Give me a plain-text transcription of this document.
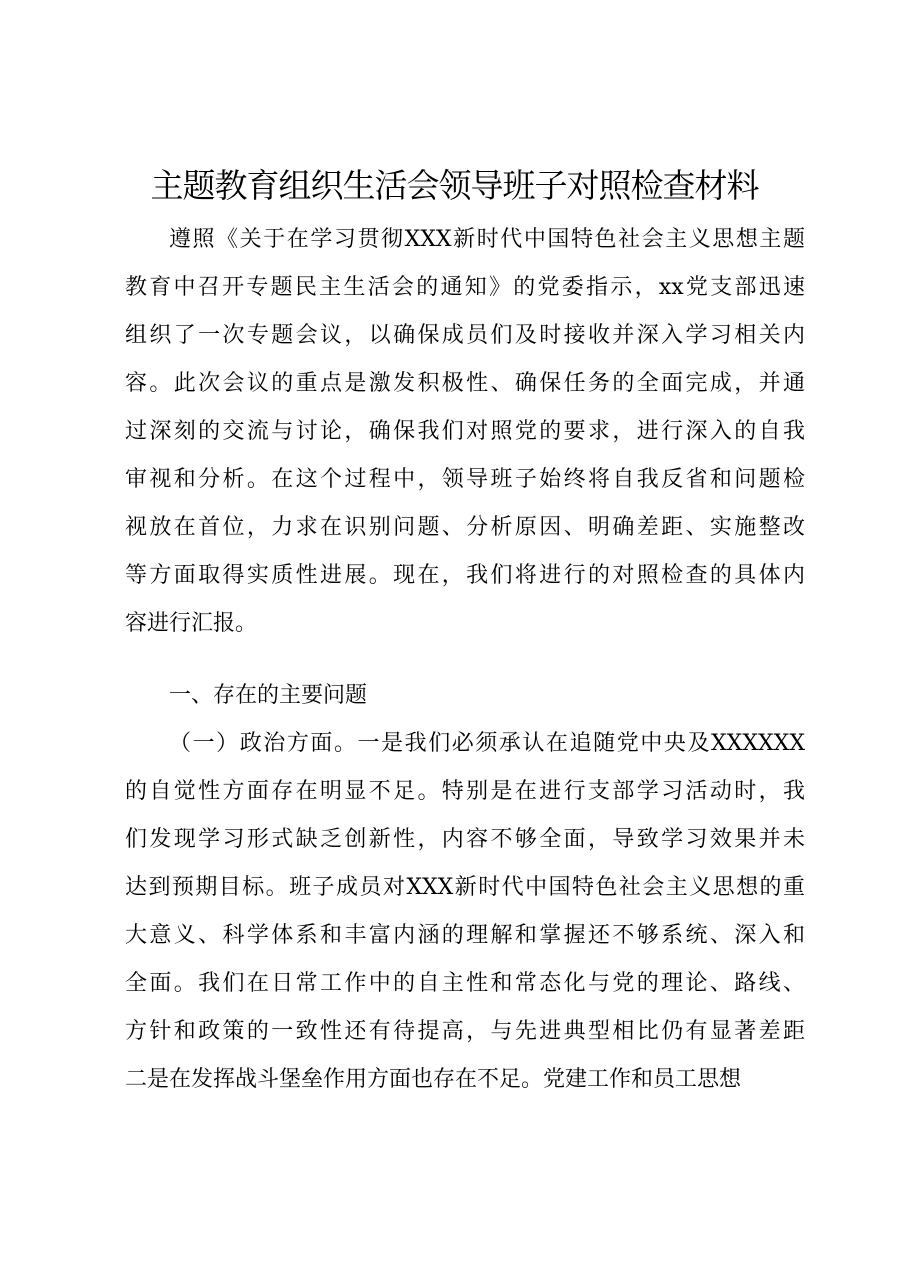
主题教育组织生活会领导班子对照检查材料
遵照《关于在学习贯彻XXX新时代中国特色社会主义思想主题
教育中召开专题民主生活会的通知》的党委指示，xx党支部迅速
组织了一次专题会议，以确保成员们及时接收并深入学习相关内
容。此次会议的重点是激发积极性、确保任务的全面完成，并通
过深刻的交流与讨论，确保我们对照党的要求，进行深入的自我
审视和分析。在这个过程中，领导班子始终将自我反省和问题检
视放在首位，力求在识别问题、分析原因、明确差距、实施整改
等方面取得实质性进展。现在，我们将进行的对照检查的具体内
容进行汇报。
一、存在的主要问题
（一）政治方面。一是我们必须承认在追随党中央及XXXXXX
的自觉性方面存在明显不足。特别是在进行支部学习活动时，我
们发现学习形式缺乏创新性，内容不够全面，导致学习效果并未
达到预期目标。班子成员对XXX新时代中国特色社会主义思想的重
大意义、科学体系和丰富内涵的理解和掌握还不够系统、深入和
全面。我们在日常工作中的自主性和常态化与党的理论、路线、
方针和政策的一致性还有待提高，与先进典型相比仍有显著差距
二是在发挥战斗堡垒作用方面也存在不足。党建工作和员工思想
